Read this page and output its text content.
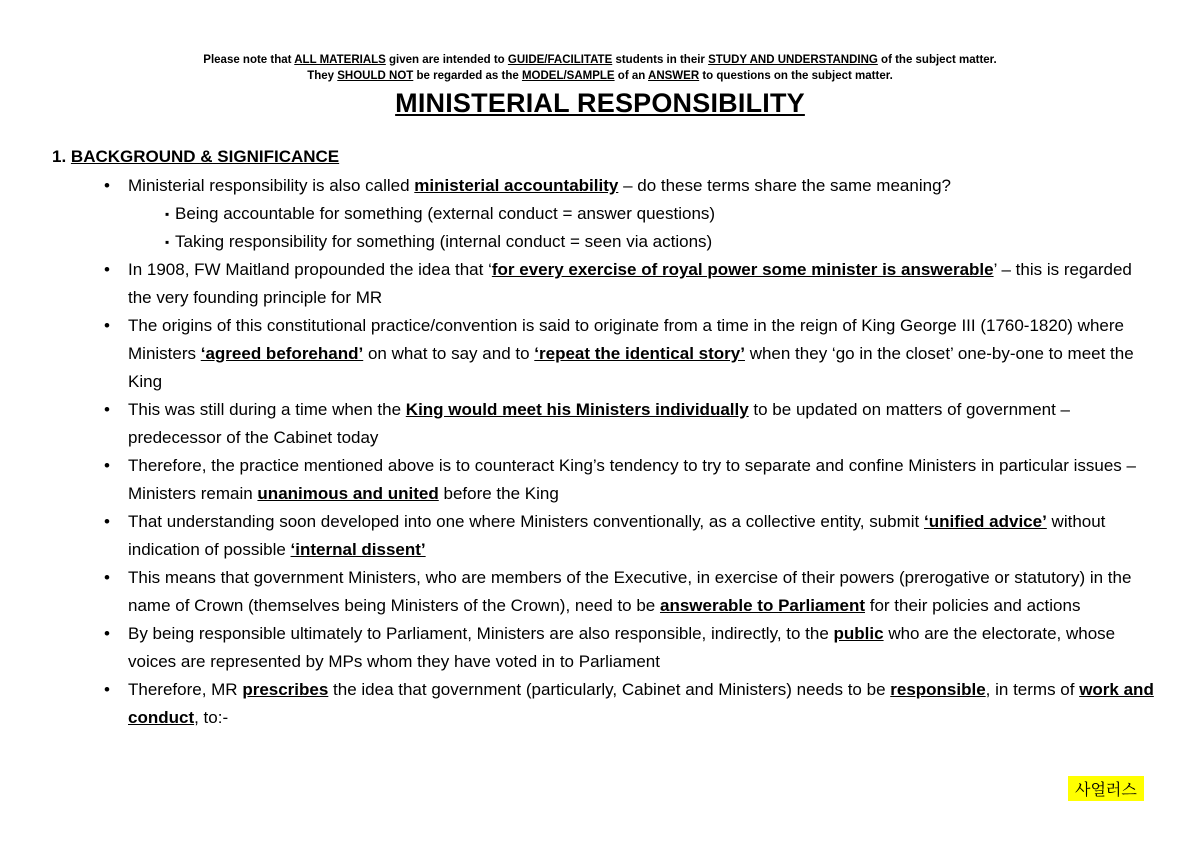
Please note that ALL MATERIALS given are intended to GUIDE/FACILITATE students in their STUDY AND UNDERSTANDING of the subject matter.
They SHOULD NOT be regarded as the MODEL/SAMPLE of an ANSWER to questions on the subject matter.
MINISTERIAL RESPONSIBILITY
1. BACKGROUND & SIGNIFICANCE
• Ministerial responsibility is also called ministerial accountability – do these terms share the same meaning?
▪ Being accountable for something (external conduct = answer questions)
▪ Taking responsibility for something (internal conduct = seen via actions)
• In 1908, FW Maitland propounded the idea that ‘for every exercise of royal power some minister is answerable’ – this is regarded the very founding principle for MR
• The origins of this constitutional practice/convention is said to originate from a time in the reign of King George III (1760-1820) where Ministers ‘agreed beforehand’ on what to say and to ‘repeat the identical story’ when they ‘go in the closet’ one-by-one to meet the King
• This was still during a time when the King would meet his Ministers individually to be updated on matters of government – predecessor of the Cabinet today
• Therefore, the practice mentioned above is to counteract King’s tendency to try to separate and confine Ministers in particular issues – Ministers remain unanimous and united before the King
• That understanding soon developed into one where Ministers conventionally, as a collective entity, submit ‘unified advice’ without indication of possible ‘internal dissent’
• This means that government Ministers, who are members of the Executive, in exercise of their powers (prerogative or statutory) in the name of Crown (themselves being Ministers of the Crown), need to be answerable to Parliament for their policies and actions
• By being responsible ultimately to Parliament, Ministers are also responsible, indirectly, to the public who are the electorate, whose voices are represented by MPs whom they have voted in to Parliament
• Therefore, MR prescribes the idea that government (particularly, Cabinet and Ministers) needs to be responsible, in terms of work and conduct, to:-
사얼러스
